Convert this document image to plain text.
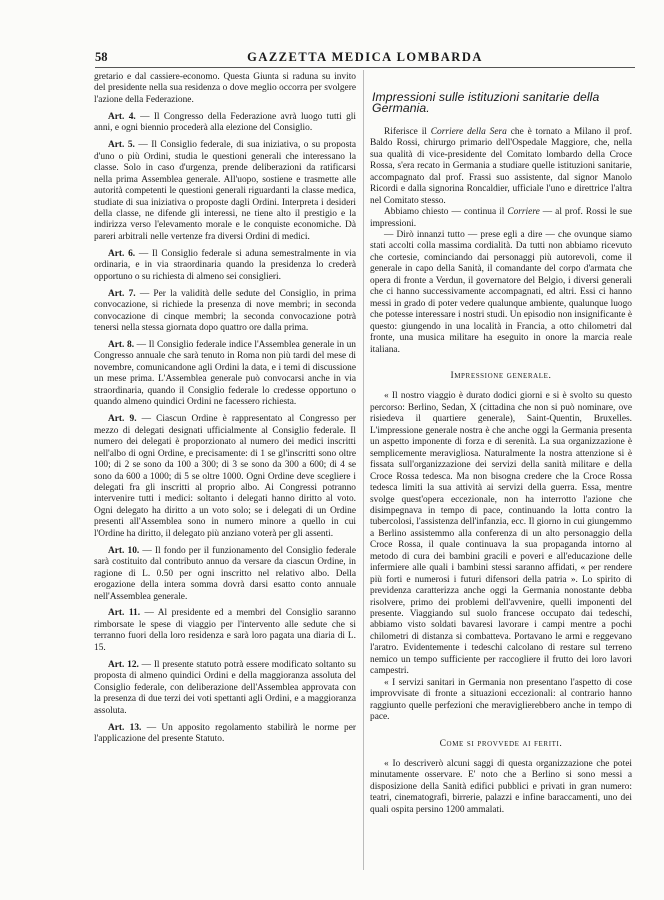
58	GAZZETTA MEDICA LOMBARDA

gretario e dal cassiere-economo. Questa Giunta si raduna su invito del presidente nella sua residenza o dove meglio occorra per svolgere l'azione della Federazione.

Art. 4. — Il Congresso della Federazione avrà luogo tutti gli anni, e ogni biennio procederà alla elezione del Consiglio.

Art. 5. — Il Consiglio federale, di sua iniziativa, o su proposta d'uno o più Ordini, studia le questioni generali che interessano la classe. Solo in caso d'urgenza, prende deliberazioni da ratificarsi nella prima Assemblea generale. All'uopo, sostiene e trasmette alle autorità competenti le questioni generali riguardanti la classe medica, studiate di sua iniziativa o proposte dagli Ordini. Interpreta i desideri della classe, ne difende gli interessi, ne tiene alto il prestigio e la indirizza verso l'elevamento morale e le conquiste economiche. Dà pareri arbitrali nelle vertenze fra diversi Ordini di medici.

Art. 6. — Il Consiglio federale si aduna semestralmente in via ordinaria, e in via straordinaria quando la presidenza lo crederà opportuno o su richiesta di almeno sei consiglieri.

Art. 7. — Per la validità delle sedute del Consiglio, in prima convocazione, si richiede la presenza di nove membri; in seconda convocazione di cinque membri; la seconda convocazione potrà tenersi nella stessa giornata dopo quattro ore dalla prima.

Art. 8. — Il Consiglio federale indice l'Assemblea generale in un Congresso annuale che sarà tenuto in Roma non più tardi del mese di novembre, comunicandone agli Ordini la data, e i temi di discussione un mese prima. L'Assemblea generale può convocarsi anche in via straordinaria, quando il Consiglio federale lo credesse opportuno o quando almeno quindici Ordini ne facessero richiesta.

Art. 9. — Ciascun Ordine è rappresentato al Congresso per mezzo di delegati designati ufficialmente al Consiglio federale. Il numero dei delegati è proporzionato al numero dei medici inscritti nell'albo di ogni Ordine, e precisamente: di 1 se gl'inscritti sono oltre 100; di 2 se sono da 100 a 300; di 3 se sono da 300 a 600; di 4 se sono da 600 a 1000; di 5 se oltre 1000. Ogni Ordine deve scegliere i delegati fra gli inscritti al proprio albo. Ai Congressi potranno intervenire tutti i medici: soltanto i delegati hanno diritto al voto. Ogni delegato ha diritto a un voto solo; se i delegati di un Ordine presenti all'Assemblea sono in numero minore a quello in cui l'Ordine ha diritto, il delegato più anziano voterà per gli assenti.

Art. 10. — Il fondo per il funzionamento del Consiglio federale sarà costituito dal contributo annuo da versare da ciascun Ordine, in ragione di L. 0.50 per ogni inscritto nel relativo albo. Della erogazione della intera somma dovrà darsi esatto conto annuale nell'Assemblea generale.

Art. 11. — Al presidente ed a membri del Consiglio saranno rimborsate le spese di viaggio per l'intervento alle sedute che si terranno fuori della loro residenza e sarà loro pagata una diaria di L. 15.

Art. 12. — Il presente statuto potrà essere modificato soltanto su proposta di almeno quindici Ordini e della maggioranza assoluta del Consiglio federale, con deliberazione dell'Assemblea approvata con la presenza di due terzi dei voti spettanti agli Ordini, e a maggioranza assoluta.

Art. 13. — Un apposito regolamento stabilirà le norme per l'applicazione del presente Statuto.

Impressioni sulle istituzioni sanitarie della Germania.

Riferisce il Corriere della Sera che è tornato a Milano il prof. Baldo Rossi, chirurgo primario dell'Ospedale Maggiore, che, nella sua qualità di vice-presidente del Comitato lombardo della Croce Rossa, s'era recato in Germania a studiare quelle istituzioni sanitarie, accompagnato dal prof. Frassi suo assistente, dal signor Manolo Ricordi e dalla signorina Roncaldier, ufficiale l'uno e direttrice l'altra nel Comitato stesso.

Abbiamo chiesto — continua il Corriere — al prof. Rossi le sue impressioni.

— Dirò innanzi tutto — prese egli a dire — che ovunque siamo stati accolti colla massima cordialità. Da tutti non abbiamo ricevuto che cortesie, cominciando dai personaggi più autorevoli, come il generale in capo della Sanità, il comandante del corpo d'armata che opera di fronte a Verdun, il governatore del Belgio, i diversi generali che ci hanno successivamente accompagnati, ed altri. Essi ci hanno messi in grado di poter vedere qualunque ambiente, qualunque luogo che potesse interessare i nostri studi. Un episodio non insignificante è questo: giungendo in una località in Francia, a otto chilometri dal fronte, una musica militare ha eseguito in onore la marcia reale italiana.

Impressione generale.

« Il nostro viaggio è durato dodici giorni e si è svolto su questo percorso: Berlino, Sedan, X (cittadina che non si può nominare, ove risiedeva il quartiere generale), Saint-Quentin, Bruxelles. L'impressione generale nostra è che anche oggi la Germania presenta un aspetto imponente di forza e di serenità. La sua organizzazione è semplicemente meravigliosa. Naturalmente la nostra attenzione si è fissata sull'organizzazione dei servizi della sanità militare e della Croce Rossa tedesca. Ma non bisogna credere che la Croce Rossa tedesca limiti la sua attività ai servizi della guerra. Essa, mentre svolge quest'opera eccezionale, non ha interrotto l'azione che disimpegnava in tempo di pace, continuando la lotta contro la tubercolosi, l'assistenza dell'infanzia, ecc. Il giorno in cui giungemmo a Berlino assistemmo alla conferenza di un alto personaggio della Croce Rossa, il quale continuava la sua propaganda intorno al metodo di cura dei bambini gracili e poveri e all'educazione delle infermiere alle quali i bambini stessi saranno affidati, « per rendere più forti e numerosi i futuri difensori della patria ». Lo spirito di previdenza caratterizza anche oggi la Germania nonostante debba risolvere, primo dei problemi dell'avvenire, quelli imponenti del presente. Viaggiando sul suolo francese occupato dai tedeschi, abbiamo visto soldati bavaresi lavorare i campi mentre a pochi chilometri di distanza si combatteva. Portavano le armi e reggevano l'aratro. Evidentemente i tedeschi calcolano di restare sul terreno nemico un tempo sufficiente per raccogliere il frutto dei loro lavori campestri.

« I servizi sanitari in Germania non presentano l'aspetto di cose improvvisate di fronte a situazioni eccezionali: al contrario hanno raggiunto quelle perfezioni che meraviglierebbero anche in tempo di pace.

Come si provvede ai feriti.

« Io descriverò alcuni saggi di questa organizzazione che potei minutamente osservare. E' noto che a Berlino si sono messi a disposizione della Sanità edifici pubblici e privati in gran numero: teatri, cinematografi, birrerie, palazzi e infine baraccamenti, uno dei quali ospita persino 1200 ammalati.
